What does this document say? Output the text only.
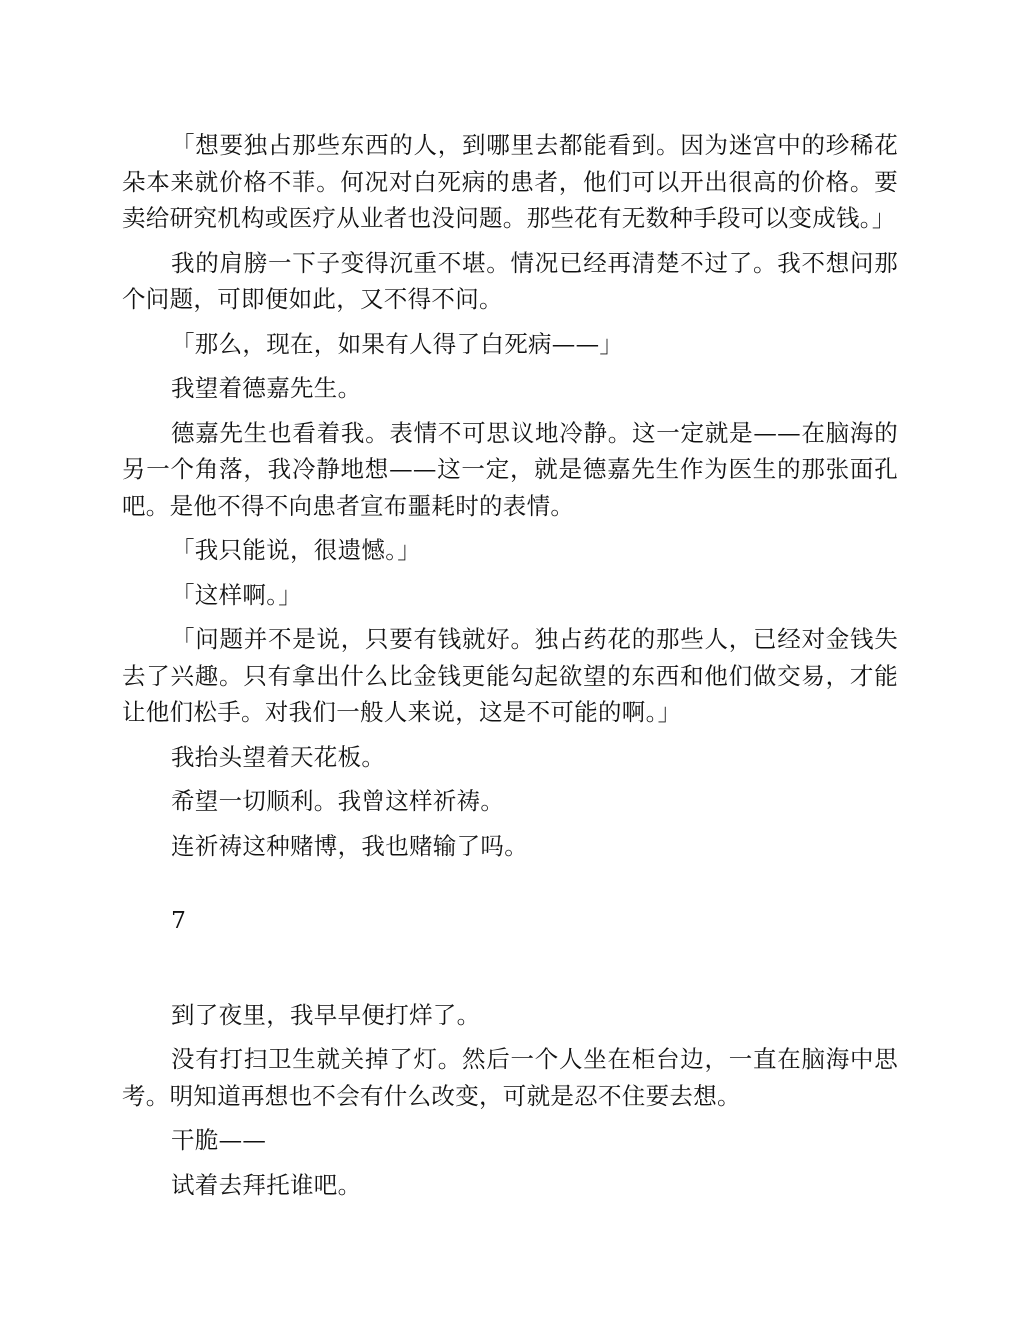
「想要独占那些东西的人，到哪里去都能看到。因为迷宫中的珍稀花朵本来就价格不菲。何况对白死病的患者，他们可以开出很高的价格。要卖给研究机构或医疗从业者也没问题。那些花有无数种手段可以变成钱。」

我的肩膀一下子变得沉重不堪。情况已经再清楚不过了。我不想问那个问题，可即便如此，又不得不问。

「那么，现在，如果有人得了白死病——」

我望着德嘉先生。

德嘉先生也看着我。表情不可思议地冷静。这一定就是——在脑海的另一个角落，我冷静地想——这一定，就是德嘉先生作为医生的那张面孔吧。是他不得不向患者宣布噩耗时的表情。

「我只能说，很遗憾。」

「这样啊。」

「问题并不是说，只要有钱就好。独占药花的那些人，已经对金钱失去了兴趣。只有拿出什么比金钱更能勾起欲望的东西和他们做交易，才能让他们松手。对我们一般人来说，这是不可能的啊。」

我抬头望着天花板。

希望一切顺利。我曾这样祈祷。

连祈祷这种赌博，我也赌输了吗。

7

到了夜里，我早早便打烊了。

没有打扫卫生就关掉了灯。然后一个人坐在柜台边，一直在脑海中思考。明知道再想也不会有什么改变，可就是忍不住要去想。

干脆——

试着去拜托谁吧。
